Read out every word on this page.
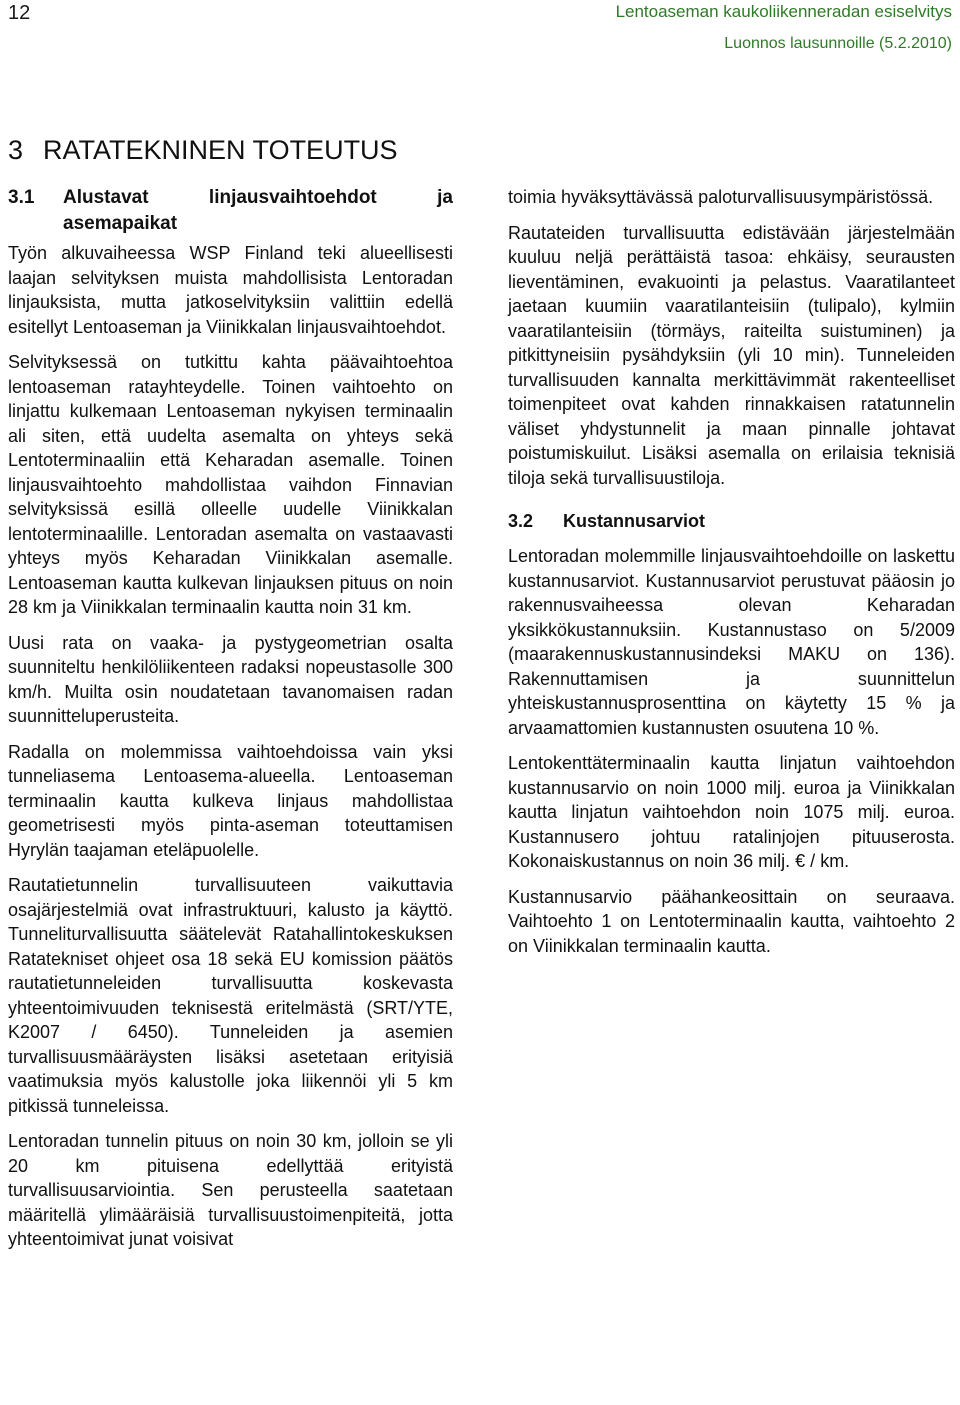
12	Lentoaseman kaukoliikenneradan esiselvitys
Luonnos lausunnoille (5.2.2010)
3 RATATEKNINEN TOTEUTUS
3.1	Alustavat linjausvaihtoehdot ja asemapaikat

Työn alkuvaiheessa WSP Finland teki alueellisesti laajan selvityksen muista mahdollisista Lentoradan linjauksista, mutta jatkoselvityksiin valittiin edellä esitellyt Lentoaseman ja Viinikkalan linjausvaihtoehdot.

Selvityksessä on tutkittu kahta päävaihtoehtoa lentoaseman ratayhteydelle. Toinen vaihtoehto on linjattu kulkemaan Lentoaseman nykyisen terminaalin ali siten, että uudelta asemalta on yhteys sekä Lentoterminaaliin että Keharadan asemalle. Toinen linjausvaihtoehto mahdollistaa vaihdon Finnavian selvityksissä esillä olleelle uudelle Viinikkalan lentoterminaalille. Lentoradan asemalta on vastaavasti yhteys myös Keharadan Viinikkalan asemalle. Lentoaseman kautta kulkevan linjauksen pituus on noin 28 km ja Viinikkalan terminaalin kautta noin 31 km.

Uusi rata on vaaka- ja pystygeometrian osalta suunniteltu henkilöliikenteen radaksi nopeustasolle 300 km/h. Muilta osin noudatetaan tavanomaisen radan suunnitteluperusteita.

Radalla on molemmissa vaihtoehdoissa vain yksi tunneliasema Lentoasema-alueella. Lentoaseman terminaalin kautta kulkeva linjaus mahdollistaa geometrisesti myös pinta-aseman toteuttamisen Hyrylän taajaman eteläpuolelle.

Rautatietunnelin turvallisuuteen vaikuttavia osajärjestelmiä ovat infrastruktuuri, kalusto ja käyttö. Tunneliturvallisuutta säätelevät Ratahallintokeskuksen Ratatekniset ohjeet osa 18 sekä EU komission päätös rautatietunneleiden turvallisuutta koskevasta yhteentoimivuuden teknisestä eritelmästä (SRT/YTE, K2007 / 6450). Tunneleiden ja asemien turvallisuusmääräysten lisäksi asetetaan erityisiä vaatimuksia myös kalustolle joka liikennöi yli 5 km pitkissä tunneleissa.

Lentoradan tunnelin pituus on noin 30 km, jolloin se yli 20 km pituisena edellyttää erityistä turvallisuusarviointia. Sen perusteella saatetaan määritellä ylimääräisiä turvallisuustoimenpiteitä, jotta yhteentoimivat junat voisivat

toimia hyväksyttävässä paloturvallisuusympäristössä.

Rautateiden turvallisuutta edistävään järjestelmään kuuluu neljä perättäistä tasoa: ehkäisy, seurausten lieventäminen, evakuointi ja pelastus. Vaaratilanteet jaetaan kuumiin vaaratilanteisiin (tulipalo), kylmiin vaaratilanteisiin (törmäys, raiteilta suistuminen) ja pitkittyneisiin pysähdyksiin (yli 10 min). Tunneleiden turvallisuuden kannalta merkittävimmät rakenteelliset toimenpiteet ovat kahden rinnakkaisen ratatunnelin väliset yhdystunnelit ja maan pinnalle johtavat poistumiskuilut. Lisäksi asemalla on erilaisia teknisiä tiloja sekä turvallisuustiloja.

3.2	Kustannusarviot

Lentoradan molemmille linjausvaihtoehdoille on laskettu kustannusarviot. Kustannusarviot perustuvat pääosin jo rakennusvaiheessa olevan Keharadan yksikkökustannuksiin. Kustannustaso on 5/2009 (maarakennuskustannusindeksi MAKU on 136). Rakennuttamisen ja suunnittelun yhteiskustannusprosenttina on käytetty 15 % ja arvaamattomien kustannusten osuutena 10 %.

Lentokenttäterminaalin kautta linjatun vaihtoehdon kustannusarvio on noin 1000 milj. euroa ja Viinikkalan kautta linjatun vaihtoehdon noin 1075 milj. euroa. Kustannusero johtuu ratalinjojen pituuserosta. Kokonaiskustannus on noin 36 milj. € / km.

Kustannusarvio päähankeosittain on seuraava. Vaihtoehto 1 on Lentoterminaalin kautta, vaihtoehto 2 on Viinikkalan terminaalin kautta.
